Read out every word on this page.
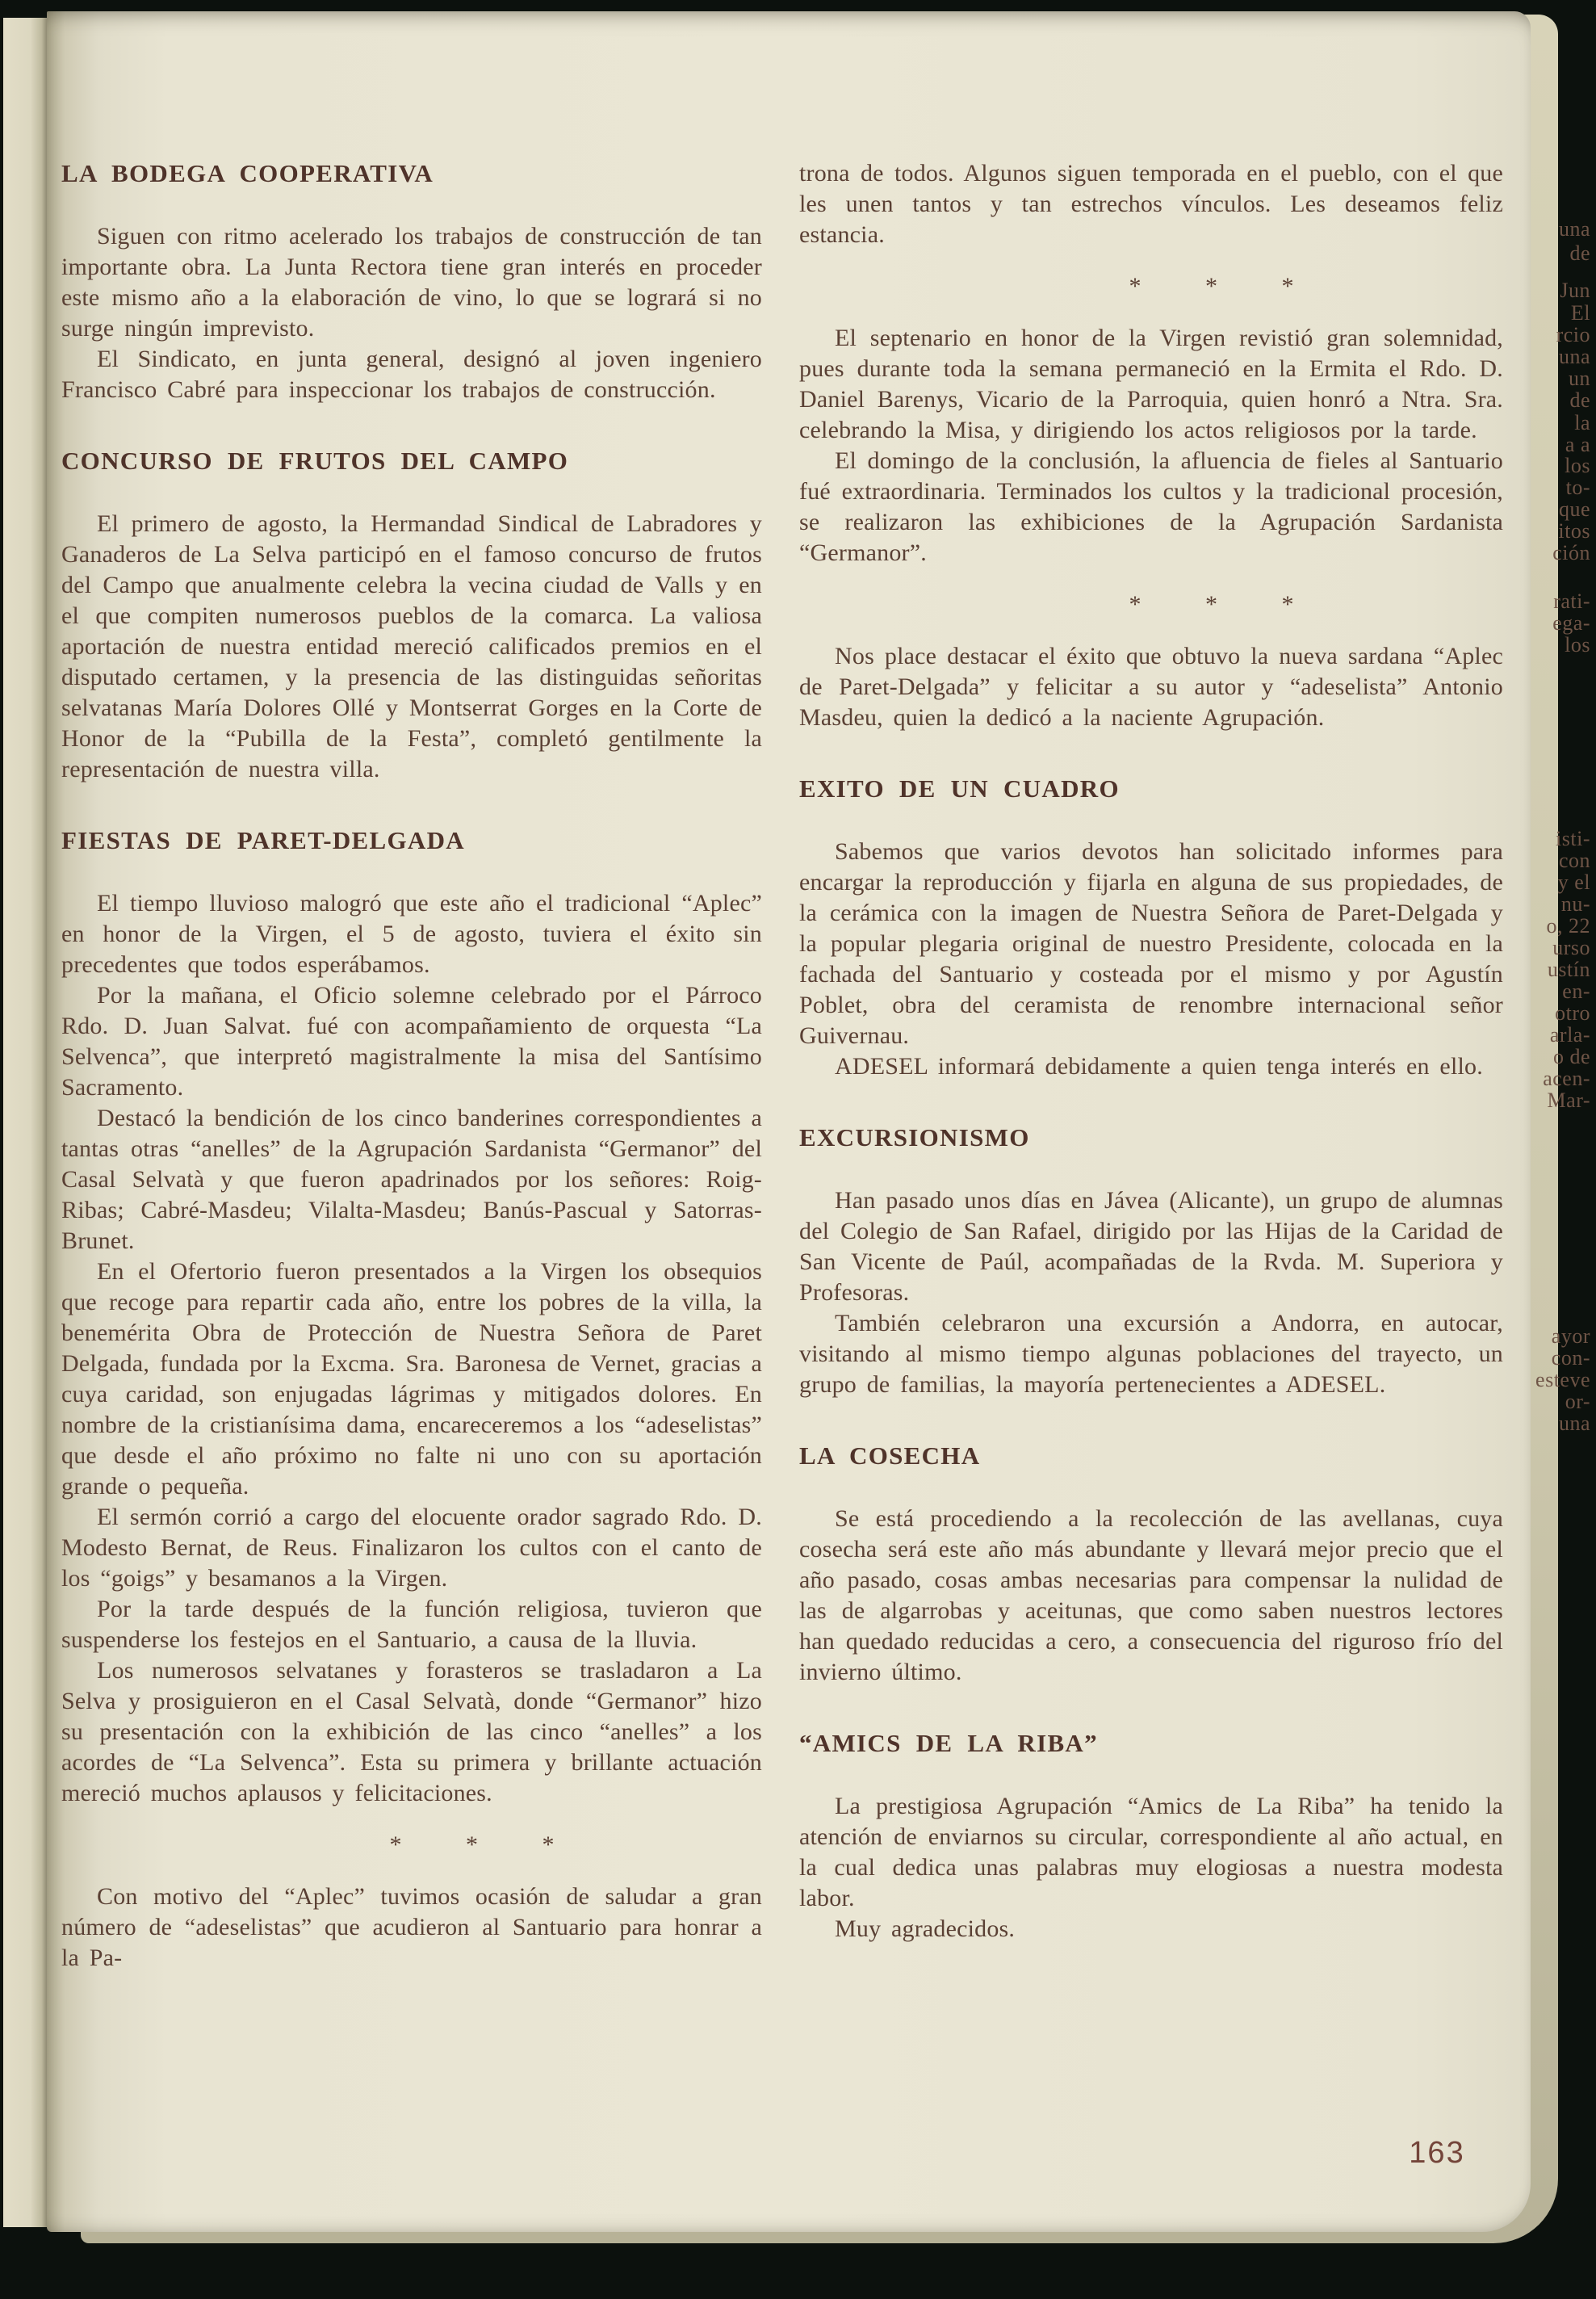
una
de
Jun
El
rcio
una
un
de
la
a a
los
to-
que
itos
ción
rati-
ega-
los
isti-
con
y el
nu-
o, 22
urso
ustín
en-
otro
arla-
o de
acen-
Mar-
ayor
con-
esteve
or-
una
LA BODEGA COOPERATIVA

Siguen con ritmo acelerado los trabajos de construcción de tan importante obra. La Junta Rectora tiene gran interés en proceder este mismo año a la elaboración de vino, lo que se logrará si no surge ningún imprevisto.

El Sindicato, en junta general, designó al joven ingeniero Francisco Cabré para inspeccionar los trabajos de construcción.

CONCURSO DE FRUTOS DEL CAMPO

El primero de agosto, la Hermandad Sindical de Labradores y Ganaderos de La Selva participó en el famoso concurso de frutos del Campo que anualmente celebra la vecina ciudad de Valls y en el que compiten numerosos pueblos de la comarca. La valiosa aportación de nuestra entidad mereció calificados premios en el disputado certamen, y la presencia de las distinguidas señoritas selvatanas María Dolores Ollé y Montserrat Gorges en la Corte de Honor de la “Pubilla de la Festa”, completó gentilmente la representación de nuestra villa.

FIESTAS DE PARET-DELGADA

El tiempo lluvioso malogró que este año el tradicional “Aplec” en honor de la Virgen, el 5 de agosto, tuviera el éxito sin precedentes que todos esperábamos.

Por la mañana, el Oficio solemne celebrado por el Párroco Rdo. D. Juan Salvat. fué con acompañamiento de orquesta “La Selvenca”, que interpretó magistralmente la misa del Santísimo Sacramento.

Destacó la bendición de los cinco banderines correspondientes a tantas otras “anelles” de la Agrupación Sardanista “Germanor” del Casal Selvatà y que fueron apadrinados por los señores: Roig-Ribas; Cabré-Masdeu; Vilalta-Masdeu; Banús-Pascual y Satorras-Brunet.

En el Ofertorio fueron presentados a la Virgen los obsequios que recoge para repartir cada año, entre los pobres de la villa, la benemérita Obra de Protección de Nuestra Señora de Paret Delgada, fundada por la Excma. Sra. Baronesa de Vernet, gracias a cuya caridad, son enjugadas lágrimas y mitigados dolores. En nombre de la cristianísima dama, encareceremos a los “adeselistas” que desde el año próximo no falte ni uno con su aportación grande o pequeña.

El sermón corrió a cargo del elocuente orador sagrado Rdo. D. Modesto Bernat, de Reus. Finalizaron los cultos con el canto de los “goigs” y besamanos a la Virgen.

Por la tarde después de la función religiosa, tuvieron que suspenderse los festejos en el Santuario, a causa de la lluvia.

Los numerosos selvatanes y forasteros se trasladaron a La Selva y prosiguieron en el Casal Selvatà, donde “Germanor” hizo su presentación con la exhibición de las cinco “anelles” a los acordes de “La Selvenca”. Esta su primera y brillante actuación mereció muchos aplausos y felicitaciones.

* * *

Con motivo del “Aplec” tuvimos ocasión de saludar a gran número de “adeselistas” que acudieron al Santuario para honrar a la Pa-

trona de todos. Algunos siguen temporada en el pueblo, con el que les unen tantos y tan estrechos vínculos. Les deseamos feliz estancia.

* * *

El septenario en honor de la Virgen revistió gran solemnidad, pues durante toda la semana permaneció en la Ermita el Rdo. D. Daniel Barenys, Vicario de la Parroquia, quien honró a Ntra. Sra. celebrando la Misa, y dirigiendo los actos religiosos por la tarde.

El domingo de la conclusión, la afluencia de fieles al Santuario fué extraordinaria. Terminados los cultos y la tradicional procesión, se realizaron las exhibiciones de la Agrupación Sardanista “Germanor”.

* * *

Nos place destacar el éxito que obtuvo la nueva sardana “Aplec de Paret-Delgada” y felicitar a su autor y “adeselista” Antonio Masdeu, quien la dedicó a la naciente Agrupación.

EXITO DE UN CUADRO

Sabemos que varios devotos han solicitado informes para encargar la reproducción y fijarla en alguna de sus propiedades, de la cerámica con la imagen de Nuestra Señora de Paret-Delgada y la popular plegaria original de nuestro Presidente, colocada en la fachada del Santuario y costeada por el mismo y por Agustín Poblet, obra del ceramista de renombre internacional señor Guivernau.

ADESEL informará debidamente a quien tenga interés en ello.

EXCURSIONISMO

Han pasado unos días en Jávea (Alicante), un grupo de alumnas del Colegio de San Rafael, dirigido por las Hijas de la Caridad de San Vicente de Paúl, acompañadas de la Rvda. M. Superiora y Profesoras.

También celebraron una excursión a Andorra, en autocar, visitando al mismo tiempo algunas poblaciones del trayecto, un grupo de familias, la mayoría pertenecientes a ADESEL.

LA COSECHA

Se está procediendo a la recolección de las avellanas, cuya cosecha será este año más abundante y llevará mejor precio que el año pasado, cosas ambas necesarias para compensar la nulidad de las de algarrobas y aceitunas, que como saben nuestros lectores han quedado reducidas a cero, a consecuencia del riguroso frío del invierno último.

“AMICS DE LA RIBA”

La prestigiosa Agrupación “Amics de La Riba” ha tenido la atención de enviarnos su circular, correspondiente al año actual, en la cual dedica unas palabras muy elogiosas a nuestra modesta labor.

Muy agradecidos.

163
